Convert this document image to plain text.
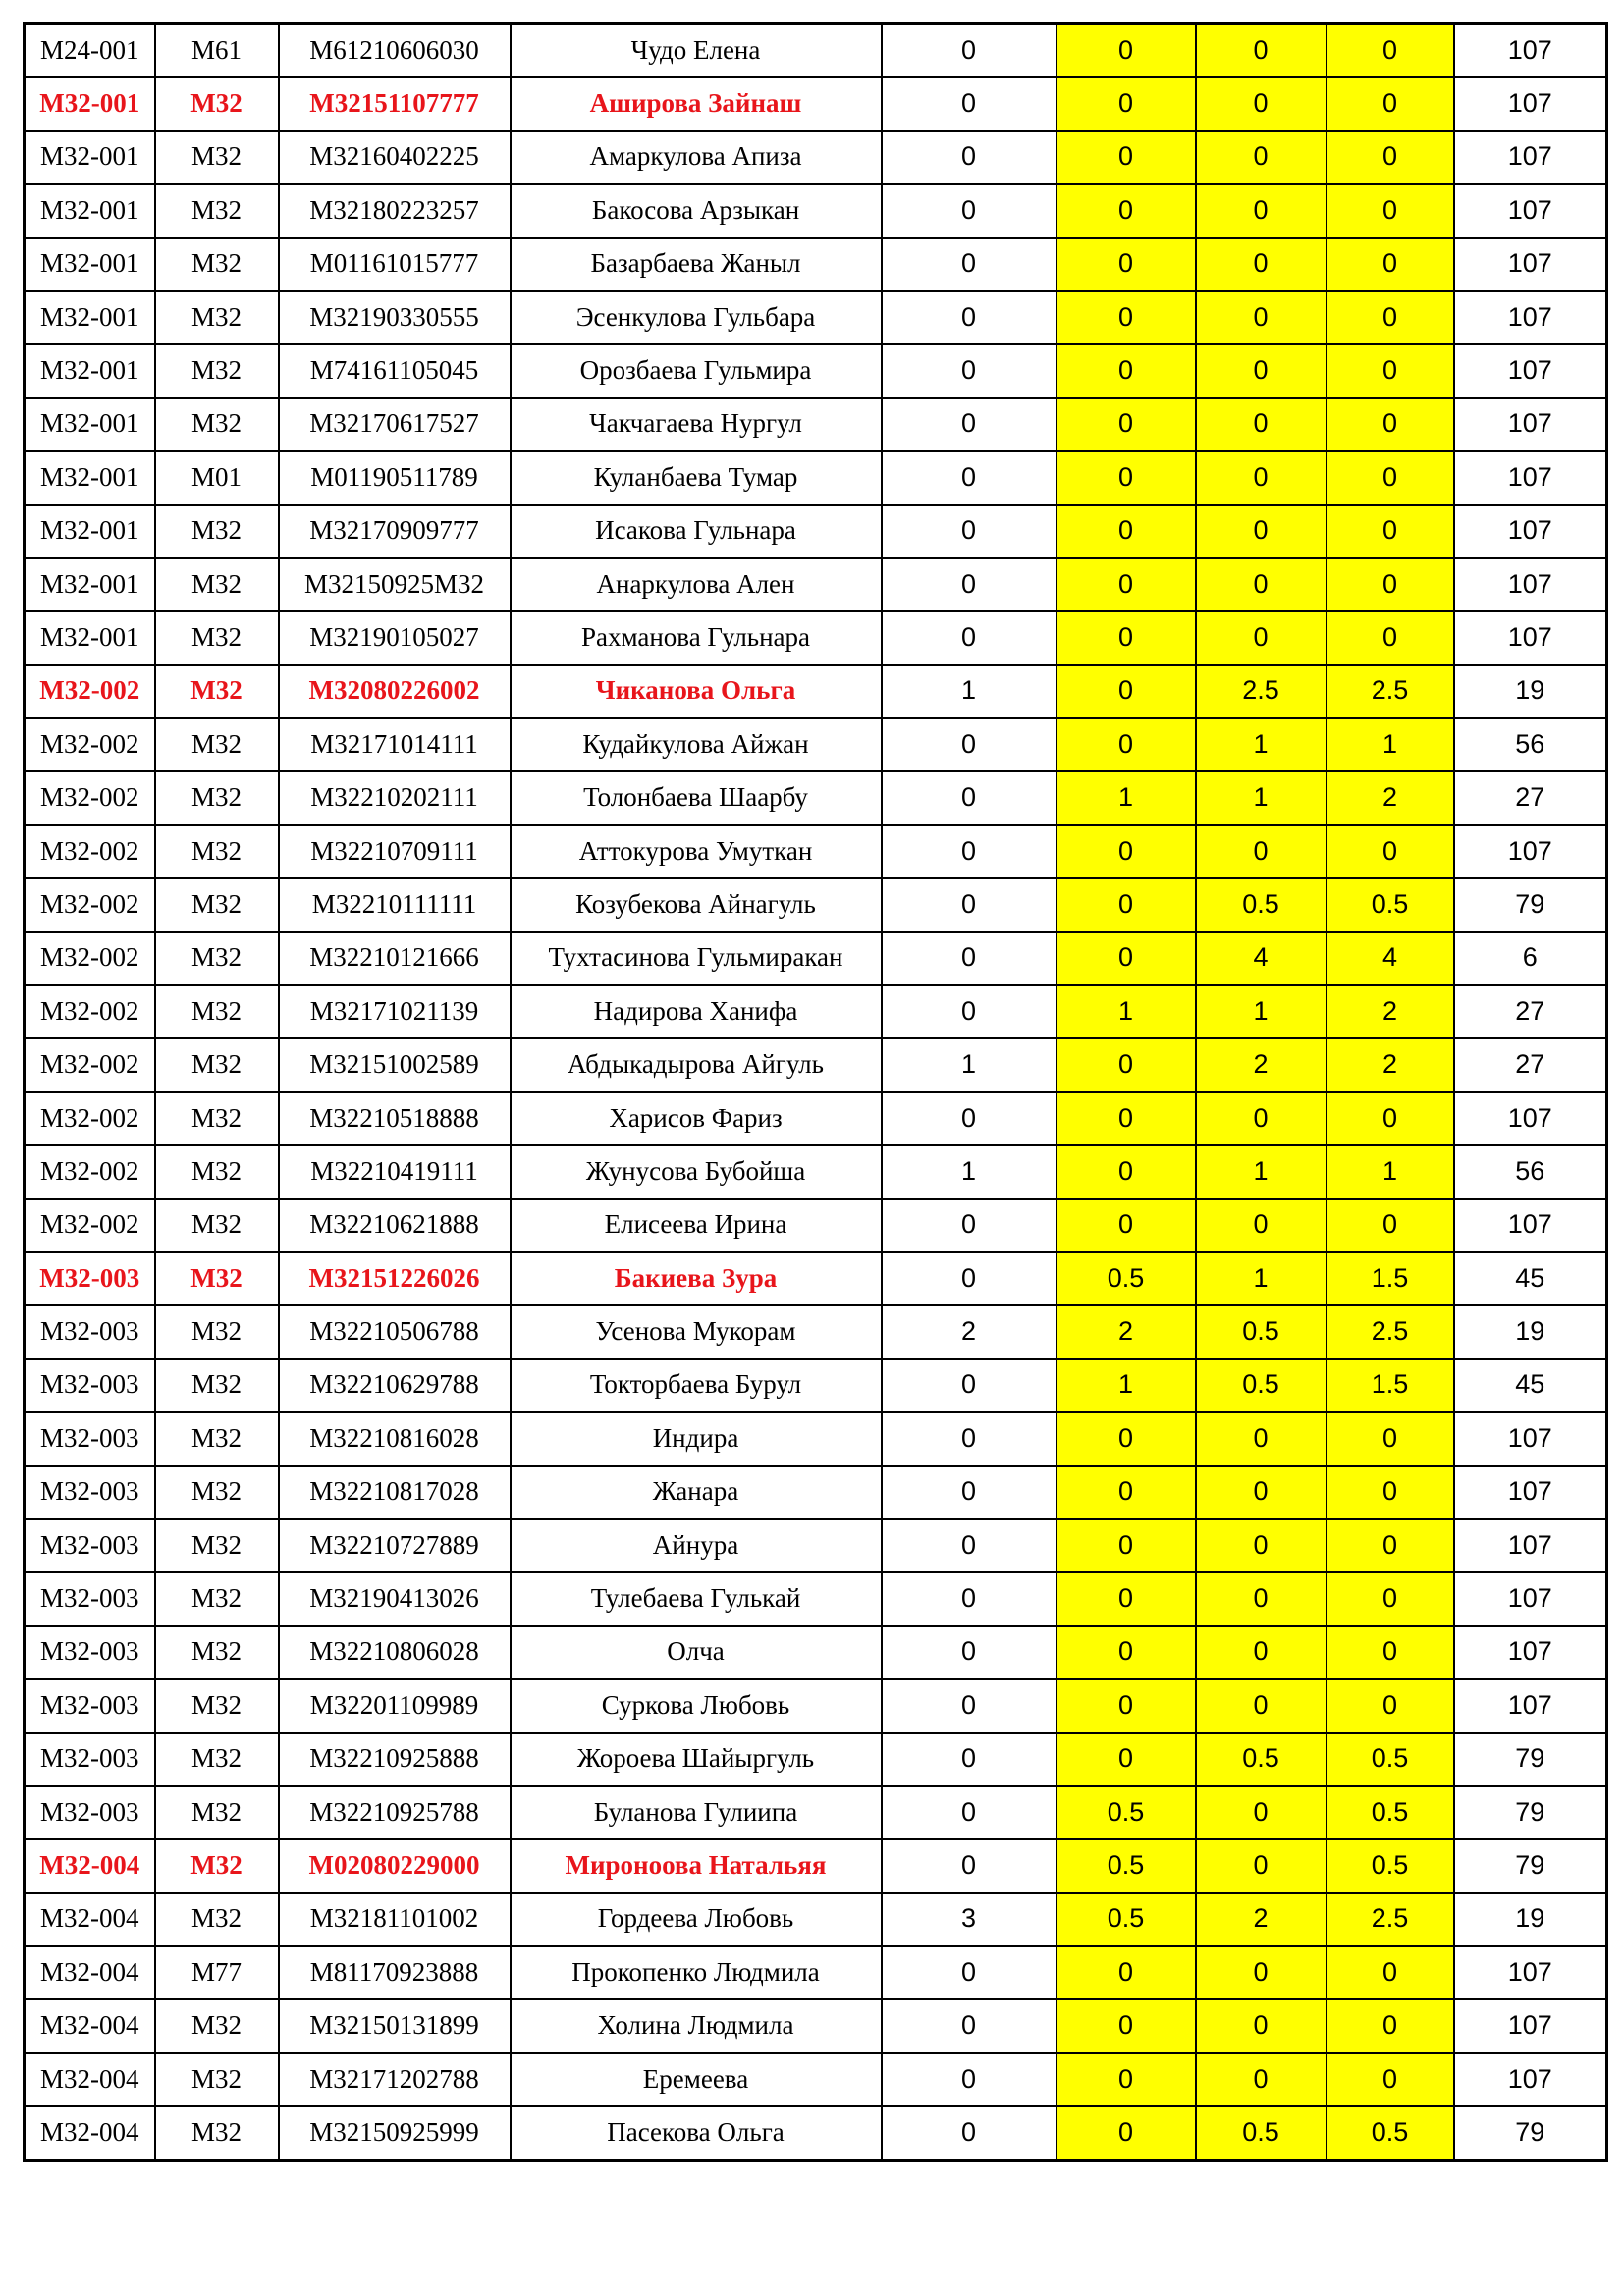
M24-001	M61	M61210606030	Чудо Елена	0	0	0	0	107
M32-001	M32	M32151107777	Аширова Зайнаш	0	0	0	0	107
M32-001	M32	M32160402225	Амаркулова Апиза	0	0	0	0	107
M32-001	M32	M32180223257	Бакосова Арзыкан	0	0	0	0	107
M32-001	M32	M01161015777	Базарбаева Жаныл	0	0	0	0	107
M32-001	M32	M32190330555	Эсенкулова Гульбара	0	0	0	0	107
M32-001	M32	M74161105045	Орозбаева Гульмира	0	0	0	0	107
M32-001	M32	M32170617527	Чакчагаева Нургул	0	0	0	0	107
M32-001	M01	M01190511789	Куланбаева Тумар	0	0	0	0	107
M32-001	M32	M32170909777	Исакова Гульнара	0	0	0	0	107
M32-001	M32	M32150925M32	Анаркулова Ален	0	0	0	0	107
M32-001	M32	M32190105027	Рахманова Гульнара	0	0	0	0	107
M32-002	M32	M32080226002	Чиканова Ольга	1	0	2.5	2.5	19
M32-002	M32	M32171014111	Кудайкулова Айжан	0	0	1	1	56
M32-002	M32	M32210202111	Толонбаева Шаарбу	0	1	1	2	27
M32-002	M32	M32210709111	Аттокурова Умуткан	0	0	0	0	107
M32-002	M32	M32210111111	Козубекова Айнагуль	0	0	0.5	0.5	79
M32-002	M32	M32210121666	Тухтасинова Гульмиракан	0	0	4	4	6
M32-002	M32	M32171021139	Надирова Ханифа	0	1	1	2	27
M32-002	M32	M32151002589	Абдыкадырова Айгуль	1	0	2	2	27
M32-002	M32	M32210518888	Харисов Фариз	0	0	0	0	107
M32-002	M32	M32210419111	Жунусова Бубойша	1	0	1	1	56
M32-002	M32	M32210621888	Елисеева Ирина	0	0	0	0	107
M32-003	M32	M32151226026	Бакиева Зура	0	0.5	1	1.5	45
M32-003	M32	M32210506788	Усенова Мукорам	2	2	0.5	2.5	19
M32-003	M32	M32210629788	Токторбаева Бурул	0	1	0.5	1.5	45
M32-003	M32	M32210816028	Индира	0	0	0	0	107
M32-003	M32	M32210817028	Жанара	0	0	0	0	107
M32-003	M32	M32210727889	Айнура	0	0	0	0	107
M32-003	M32	M32190413026	Тулебаева Гулькай	0	0	0	0	107
M32-003	M32	M32210806028	Олча	0	0	0	0	107
M32-003	M32	M32201109989	Суркова Любовь	0	0	0	0	107
M32-003	M32	M32210925888	Жороева Шайыргуль	0	0	0.5	0.5	79
M32-003	M32	M32210925788	Буланова Гулиипа	0	0.5	0	0.5	79
M32-004	M32	M02080229000	Мироноова Натальяя	0	0.5	0	0.5	79
M32-004	M32	M32181101002	Гордеева Любовь	3	0.5	2	2.5	19
M32-004	M77	M81170923888	Прокопенко Людмила	0	0	0	0	107
M32-004	M32	M32150131899	Холина Людмила	0	0	0	0	107
M32-004	M32	M32171202788	Еремеева	0	0	0	0	107
M32-004	M32	M32150925999	Пасекова Ольга	0	0	0.5	0.5	79
